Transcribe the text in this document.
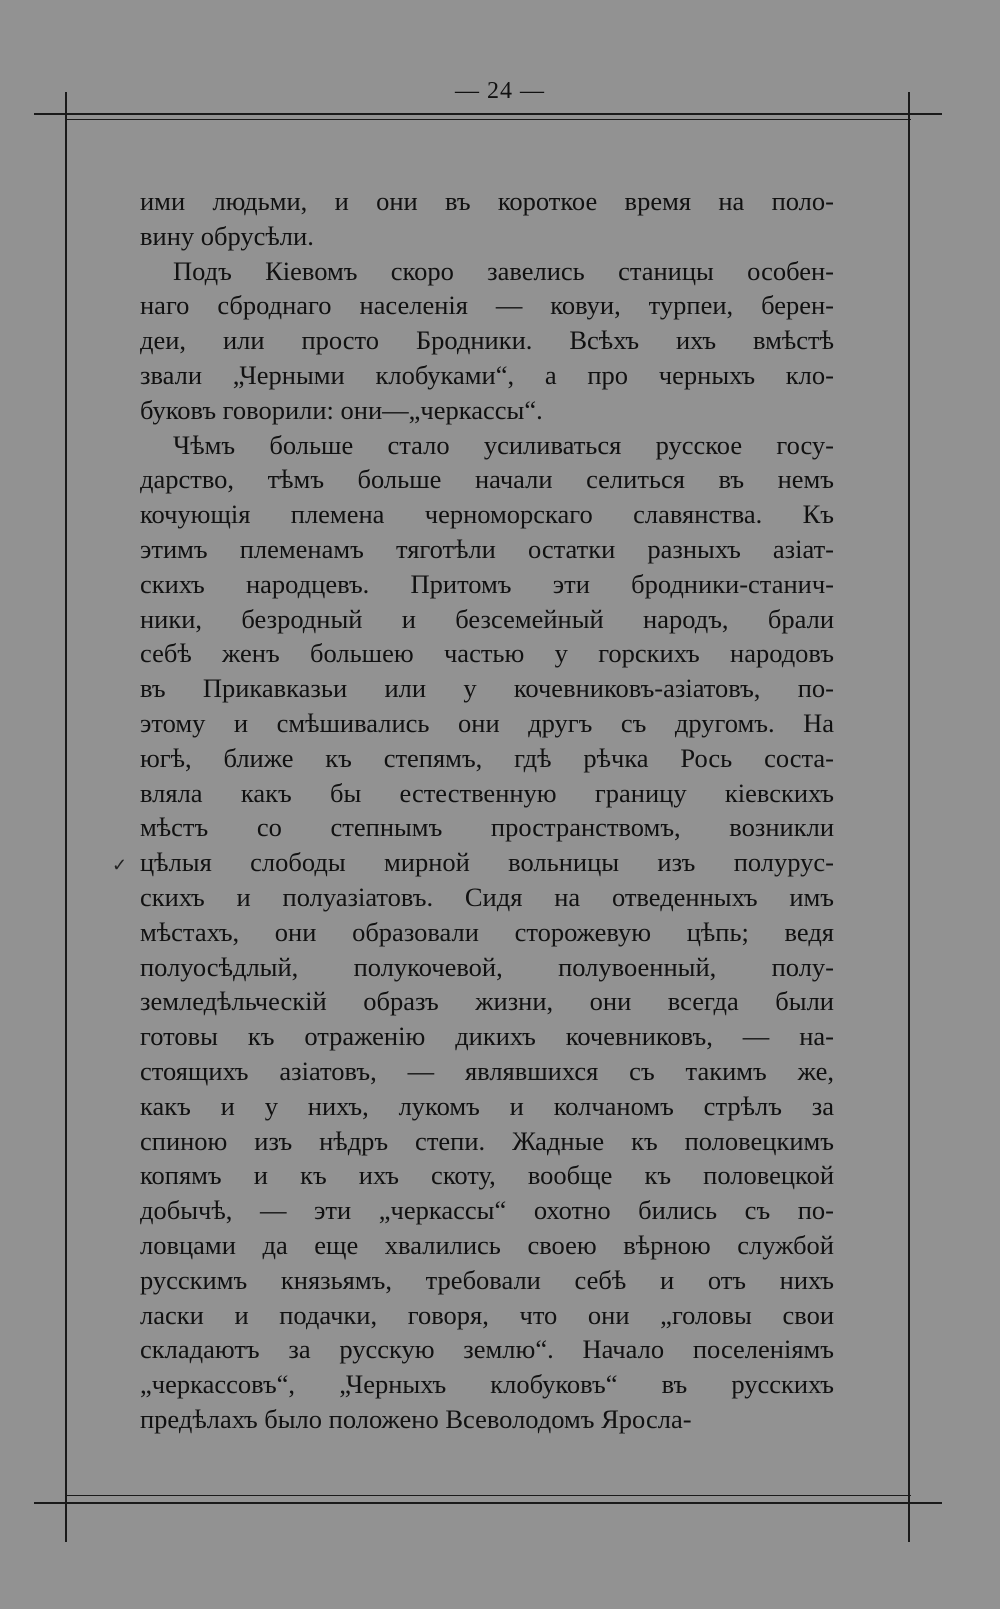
— 24 —
ими людьми, и они въ короткое время на поло-
вину обрусѣли.
Подъ Кіевомъ скоро завелись станицы особен-
наго сброднаго населенія — ковуи, турпеи, берен-
деи, или просто Бродники. Всѣхъ ихъ вмѣстѣ
звали „Черными клобуками“, а про черныхъ кло-
буковъ говорили: они—„черкассы“.
Чѣмъ больше стало усиливаться русское госу-
дарство, тѣмъ больше начали селиться въ немъ
кочующія племена черноморскаго славянства. Къ
этимъ племенамъ тяготѣли остатки разныхъ азіат-
скихъ народцевъ. Притомъ эти бродники-станич-
ники, безродный и безсемейный народъ, брали
себѣ женъ большею частью у горскихъ народовъ
въ Прикавказьи или у кочевниковъ-азіатовъ, по-
этому и смѣшивались они другъ съ другомъ. На
югѣ, ближе къ степямъ, гдѣ рѣчка Рось соста-
вляла какъ бы естественную границу кіевскихъ
мѣстъ со степнымъ пространствомъ, возникли
цѣлыя слободы мирной вольницы изъ полурус-
скихъ и полуазіатовъ. Сидя на отведенныхъ имъ
мѣстахъ, они образовали сторожевую цѣпь; ведя
полуосѣдлый, полукочевой, полувоенный, полу-
земледѣльческій образъ жизни, они всегда были
готовы къ отраженію дикихъ кочевниковъ, — на-
стоящихъ азіатовъ, — являвшихся съ такимъ же,
какъ и у нихъ, лукомъ и колчаномъ стрѣлъ за
спиною изъ нѣдръ степи. Жадные къ половецкимъ
копямъ и къ ихъ скоту, вообще къ половецкой
добычѣ, — эти „черкассы“ охотно бились съ по-
ловцами да еще хвалились своею вѣрною службой
русскимъ князьямъ, требовали себѣ и отъ нихъ
ласки и подачки, говоря, что они „головы свои
складаютъ за русскую землю“. Начало поселеніямъ
„черкассовъ“, „Черныхъ клобуковъ“ въ русскихъ
предѣлахъ было положено Всеволодомъ Яросла-
✓
